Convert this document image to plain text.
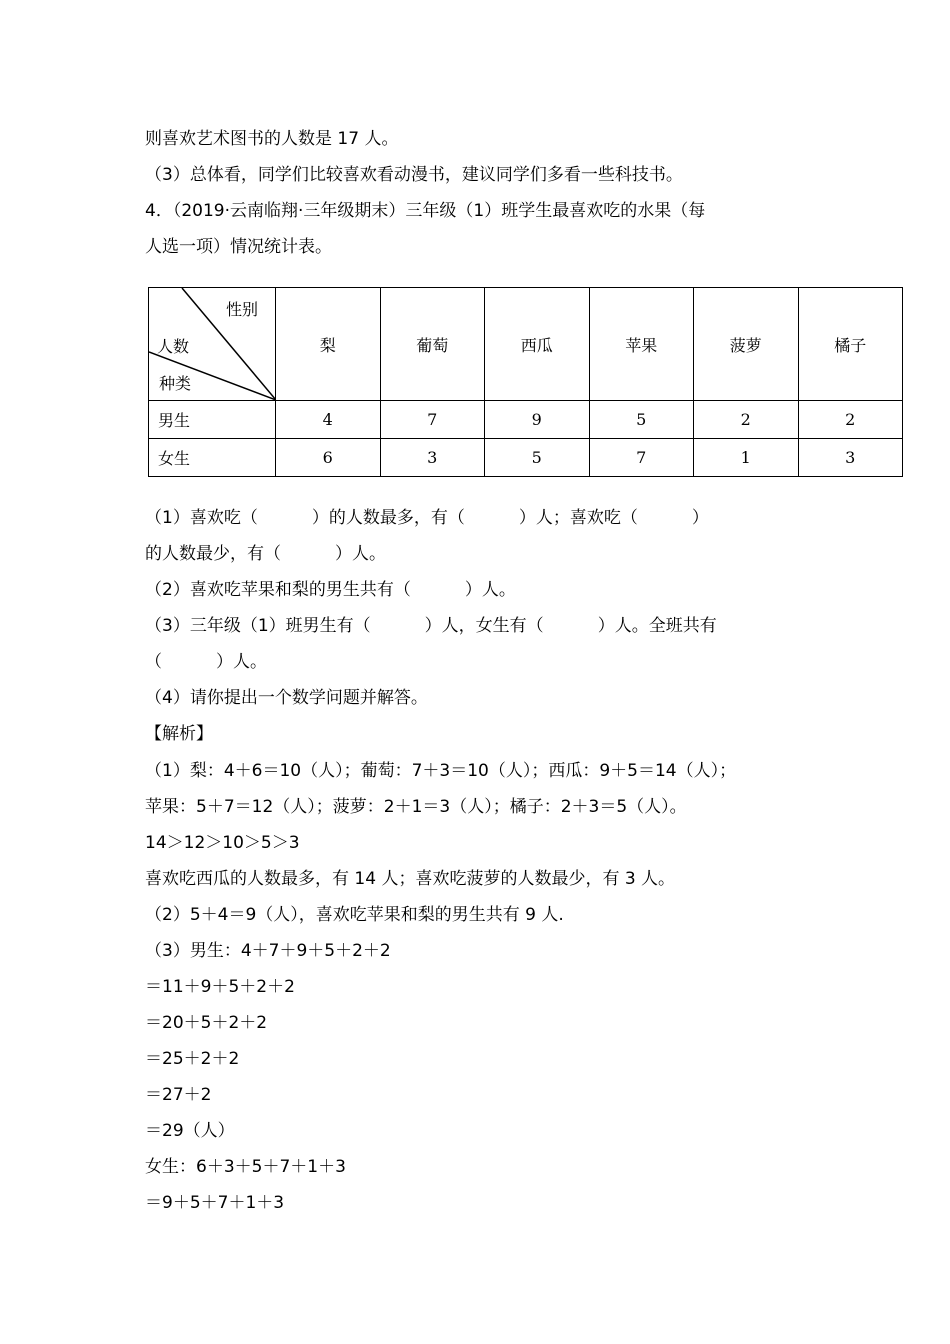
则喜欢艺术图书的人数是 17 人。
（3）总体看，同学们比较喜欢看动漫书，建议同学们多看一些科技书。
4．（2019·云南临翔·三年级期末）三年级（1）班学生最喜欢吃的水果（每
人选一项）情况统计表。
性别
人数
种类	梨	葡萄	西瓜	苹果	菠萝	橘子
男生	4	7	9	5	2	2
女生	6	3	5	7	1	3
（1）喜欢吃（          ）的人数最多，有（          ）人；喜欢吃（          ）
的人数最少，有（          ）人。
（2）喜欢吃苹果和梨的男生共有（          ）人。
（3）三年级（1）班男生有（          ）人，女生有（          ）人。全班共有
（          ）人。
（4）请你提出一个数学问题并解答。
【解析】
（1）梨：4＋6＝10（人）；葡萄：7＋3＝10（人）；西瓜：9＋5＝14（人）；
苹果：5＋7＝12（人）；菠萝：2＋1＝3（人）；橘子：2＋3＝5（人）。
14＞12＞10＞5＞3
喜欢吃西瓜的人数最多，有 14 人；喜欢吃菠萝的人数最少，有 3 人。
（2）5＋4＝9（人），喜欢吃苹果和梨的男生共有 9 人.
（3）男生：4＋7＋9＋5＋2＋2
＝11＋9＋5＋2＋2
＝20＋5＋2＋2
＝25＋2＋2
＝27＋2
＝29（人）
女生：6＋3＋5＋7＋1＋3
＝9＋5＋7＋1＋3
